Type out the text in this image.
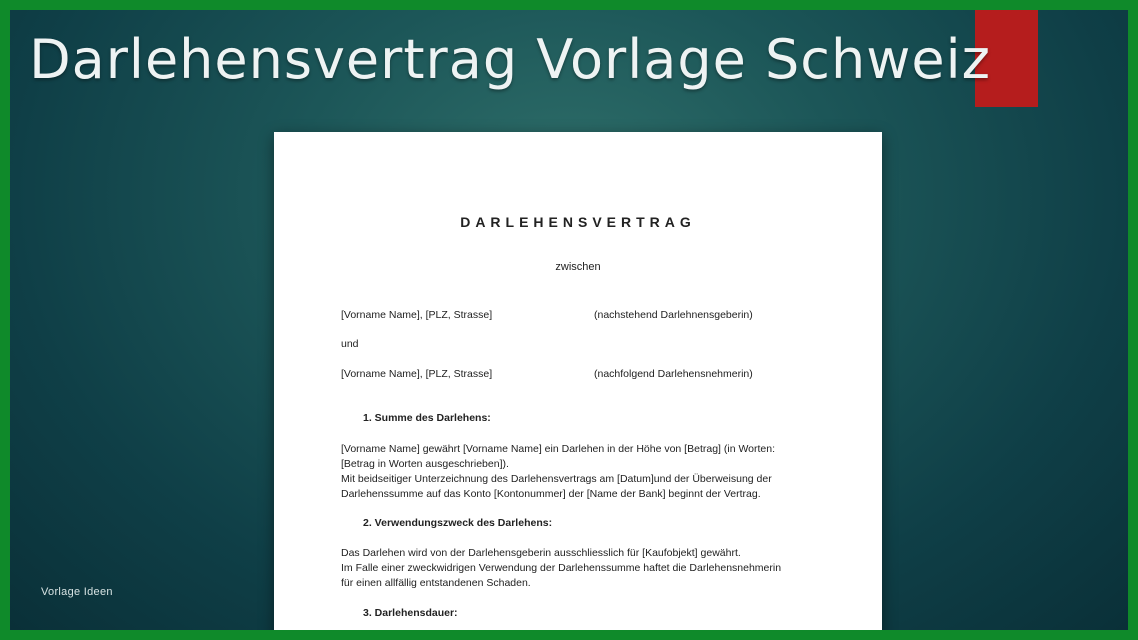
Darlehensvertrag Vorlage Schweiz
DARLEHENSVERTRAG
zwischen
[Vorname Name], [PLZ, Strasse]	(nachstehend Darlehnensgeberin)
und
[Vorname Name], [PLZ, Strasse]	(nachfolgend Darlehensnehmerin)
1. Summe des Darlehens:
[Vorname Name] gewährt [Vorname Name] ein Darlehen in der Höhe von [Betrag] (in Worten:
[Betrag in Worten ausgeschrieben]).
Mit beidseitiger Unterzeichnung des Darlehensvertrags am [Datum]und der Überweisung der
Darlehenssumme auf das Konto [Kontonummer] der [Name der Bank] beginnt der Vertrag.
2. Verwendungszweck des Darlehens:
Das Darlehen wird von der Darlehensgeberin ausschliesslich für [Kaufobjekt] gewährt.
Im Falle einer zweckwidrigen Verwendung der Darlehenssumme haftet die Darlehensnehmerin
für einen allfällig entstandenen Schaden.
3. Darlehensdauer:
Vorlage Ideen
